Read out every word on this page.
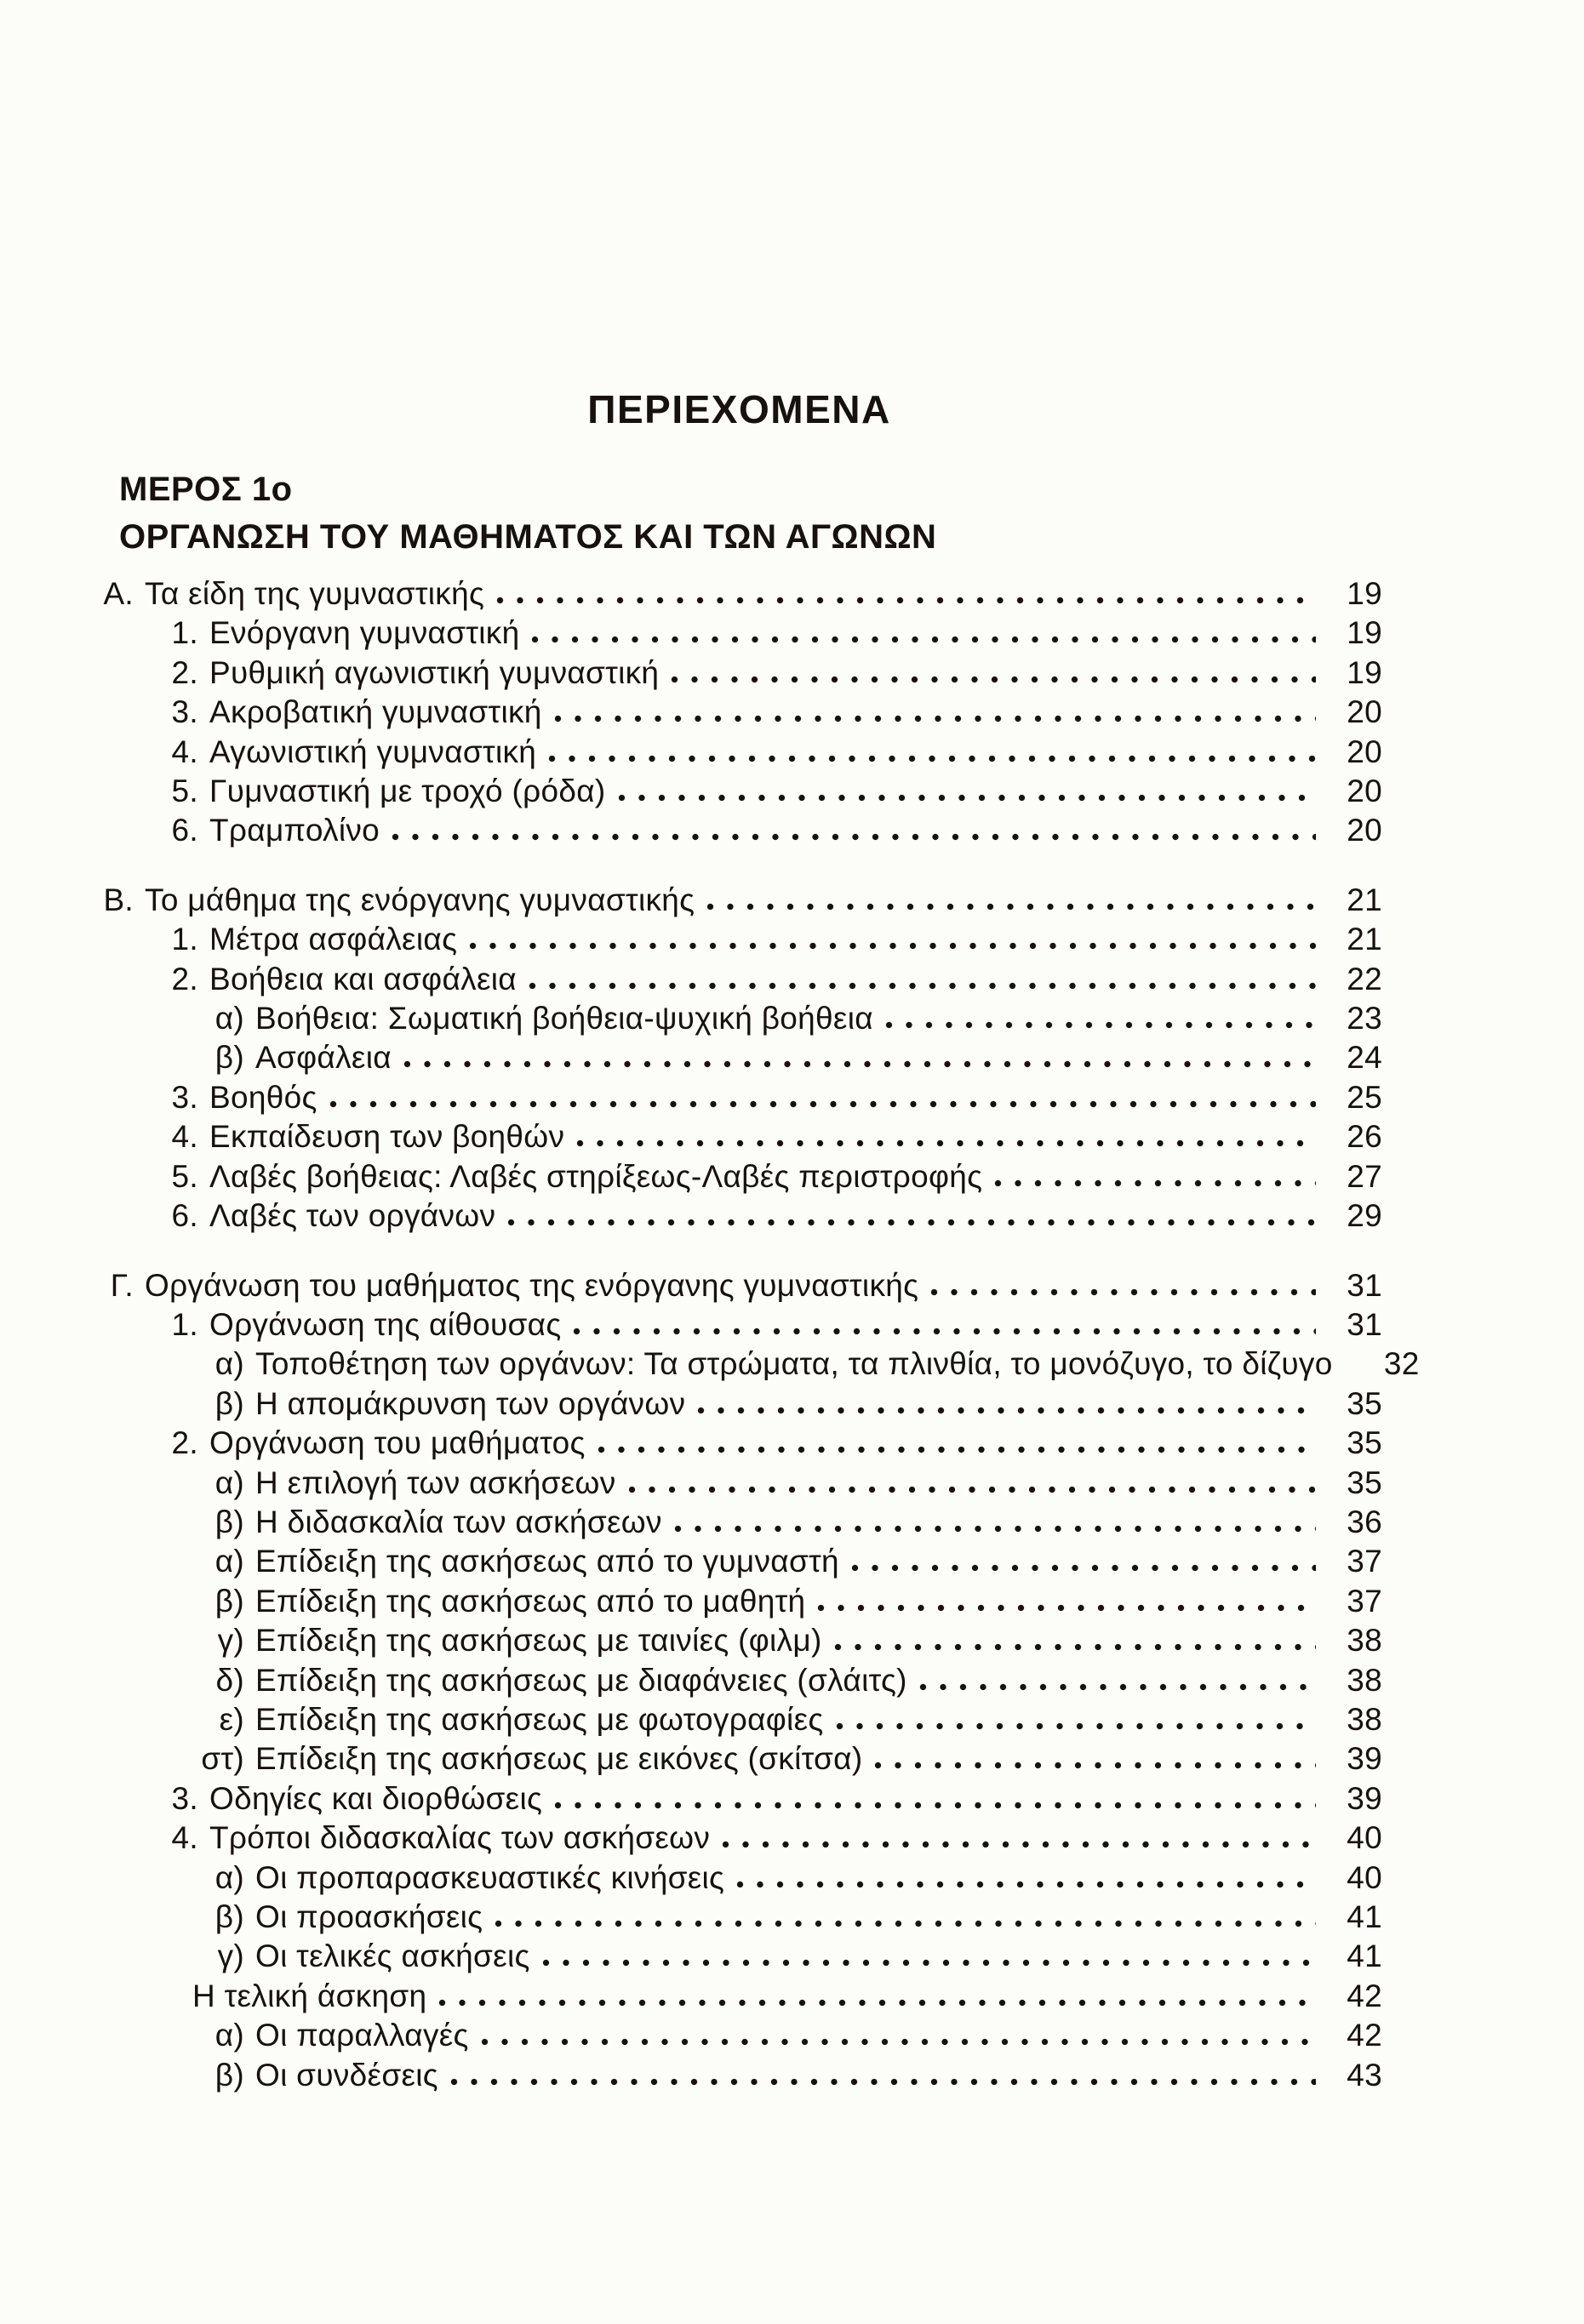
ΠΕΡΙΕΧΟΜΕΝΑ
ΜΕΡΟΣ 1ο
ΟΡΓΑΝΩΣΗ ΤΟΥ ΜΑΘΗΜΑΤΟΣ ΚΑΙ ΤΩΝ ΑΓΩΝΩΝ
Α. Τα είδη της γυμναστικής	19
1. Ενόργανη γυμναστική	19
2. Ρυθμική αγωνιστική γυμναστική	19
3. Ακροβατική γυμναστική	20
4. Αγωνιστική γυμναστική	20
5. Γυμναστική με τροχό (ρόδα)	20
6. Τραμπολίνο	20
Β. Το μάθημα της ενόργανης γυμναστικής	21
1. Μέτρα ασφάλειας	21
2. Βοήθεια και ασφάλεια	22
α) Βοήθεια: Σωματική βοήθεια-ψυχική βοήθεια	23
β) Ασφάλεια	24
3. Βοηθός	25
4. Εκπαίδευση των βοηθών	26
5. Λαβές βοήθειας: Λαβές στηρίξεως-Λαβές περιστροφής	27
6. Λαβές των οργάνων	29
Γ. Οργάνωση του μαθήματος της ενόργανης γυμναστικής	31
1. Οργάνωση της αίθουσας	31
α) Τοποθέτηση των οργάνων: Τα στρώματα, τα πλινθία, το μονόζυγο, το δίζυγο	32
β) Η απομάκρυνση των οργάνων	35
2. Οργάνωση του μαθήματος	35
α) Η επιλογή των ασκήσεων	35
β) Η διδασκαλία των ασκήσεων	36
α) Επίδειξη της ασκήσεως από το γυμναστή	37
β) Επίδειξη της ασκήσεως από το μαθητή	37
γ) Επίδειξη της ασκήσεως με ταινίες (φιλμ)	38
δ) Επίδειξη της ασκήσεως με διαφάνειες (σλάιτς)	38
ε) Επίδειξη της ασκήσεως με φωτογραφίες	38
στ) Επίδειξη της ασκήσεως με εικόνες (σκίτσα)	39
3. Οδηγίες και διορθώσεις	39
4. Τρόποι διδασκαλίας των ασκήσεων	40
α) Οι προπαρασκευαστικές κινήσεις	40
β) Οι προασκήσεις	41
γ) Οι τελικές ασκήσεις	41
Η τελική άσκηση	42
α) Οι παραλλαγές	42
β) Οι συνδέσεις	43
